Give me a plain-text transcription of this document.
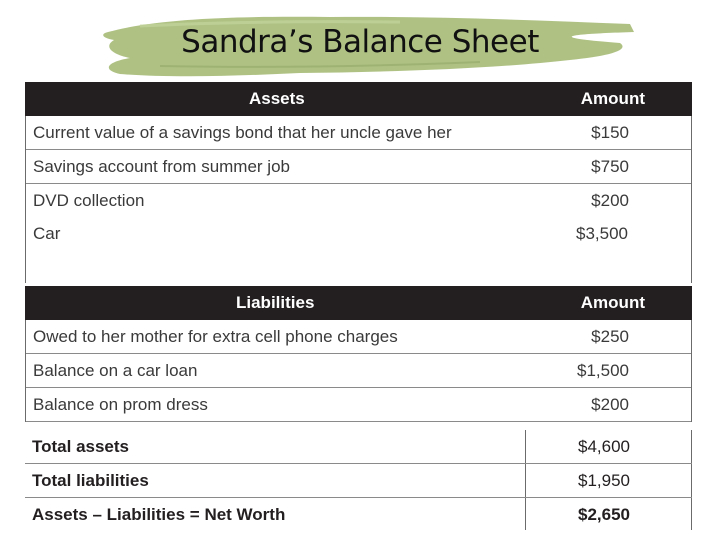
Sandra’s Balance Sheet
Assets	Amount
Current value of a savings bond that her uncle gave her	$150
Savings account from summer job	$750
DVD collection	$200
Car	$3,500
Liabilities	Amount
Owed to her mother for extra cell phone charges	$250
Balance on a car loan	$1,500
Balance on prom dress	$200
Total assets	$4,600
Total liabilities	$1,950
Assets – Liabilities = Net Worth	$2,650
